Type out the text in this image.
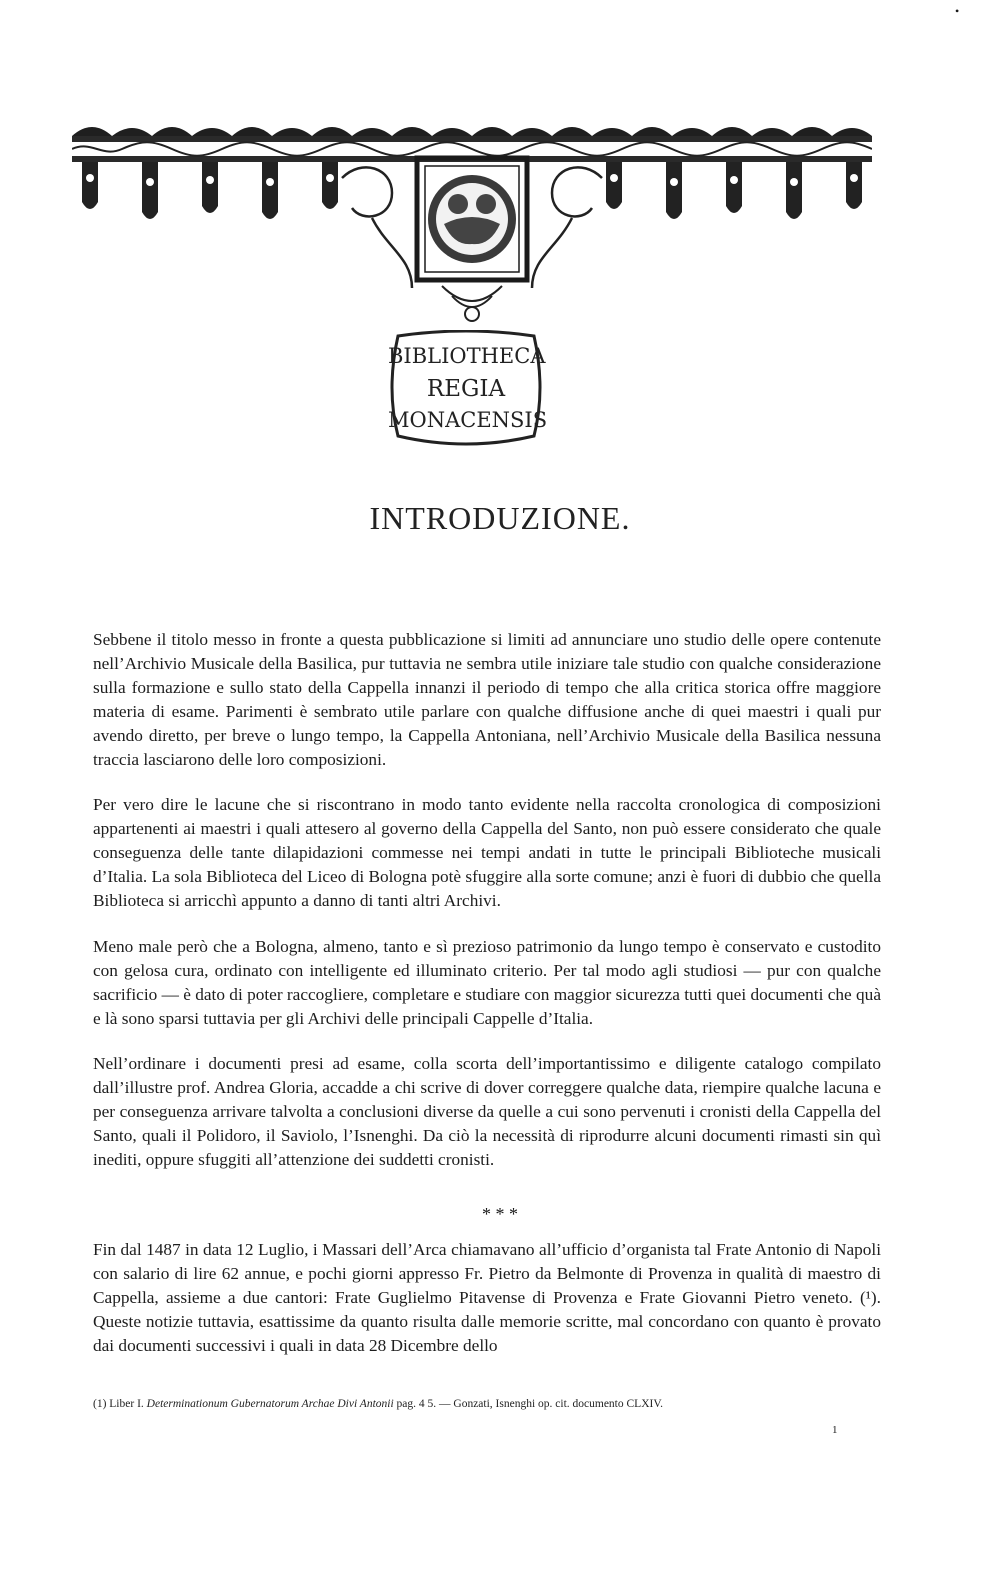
BIBLIOTHECA
REGIA
MONACENSIS
INTRODUZIONE.
Sebbene il titolo messo in fronte a questa pubblicazione si limiti ad annunciare uno studio delle opere contenute nell’Archivio Musicale della Basilica, pur tuttavia ne sembra utile iniziare tale studio con qualche considerazione sulla formazione e sullo stato della Cappella innanzi il periodo di tempo che alla critica storica offre maggiore materia di esame. Parimenti è sembrato utile parlare con qualche diffusione anche di quei maestri i quali pur avendo diretto, per breve o lungo tempo, la Cappella Antoniana, nell’Archivio Musicale della Basilica nessuna traccia lasciarono delle loro composizioni.
Per vero dire le lacune che si riscontrano in modo tanto evidente nella raccolta cronologica di composizioni appartenenti ai maestri i quali attesero al governo della Cappella del Santo, non può essere considerato che quale conseguenza delle tante dilapidazioni commesse nei tempi andati in tutte le principali Biblioteche musicali d’Italia. La sola Biblioteca del Liceo di Bologna potè sfuggire alla sorte comune; anzi è fuori di dubbio che quella Biblioteca si arricchì appunto a danno di tanti altri Archivi.
Meno male però che a Bologna, almeno, tanto e sì prezioso patrimonio da lungo tempo è conservato e custodito con gelosa cura, ordinato con intelligente ed illuminato criterio. Per tal modo agli studiosi — pur con qualche sacrificio — è dato di poter raccogliere, completare e studiare con maggior sicurezza tutti quei documenti che quà e là sono sparsi tuttavia per gli Archivi delle principali Cappelle d’Italia.
Nell’ordinare i documenti presi ad esame, colla scorta dell’importantissimo e diligente catalogo compilato dall’illustre prof. Andrea Gloria, accadde a chi scrive di dover correggere qualche data, riempire qualche lacuna e per conseguenza arrivare talvolta a conclusioni diverse da quelle a cui sono pervenuti i cronisti della Cappella del Santo, quali il Polidoro, il Saviolo, l’Isnenghi. Da ciò la necessità di riprodurre alcuni documenti rimasti sin quì inediti, oppure sfuggiti all’attenzione dei suddetti cronisti.
* * *
Fin dal 1487 in data 12 Luglio, i Massari dell’Arca chiamavano all’ufficio d’organista tal Frate Antonio di Napoli con salario di lire 62 annue, e pochi giorni appresso Fr. Pietro da Belmonte di Provenza in qualità di maestro di Cappella, assieme a due cantori: Frate Guglielmo Pitavense di Provenza e Frate Giovanni Pietro veneto. (¹). Queste notizie tuttavia, esattissime da quanto risulta dalle memorie scritte, mal concordano con quanto è provato dai documenti successivi i quali in data 28 Dicembre dello
(1) Liber I. Determinationum Gubernatorum Archae Divi Antonii pag. 4 5. — Gonzati, Isnenghi op. cit. documento CLXIV.
1
•
